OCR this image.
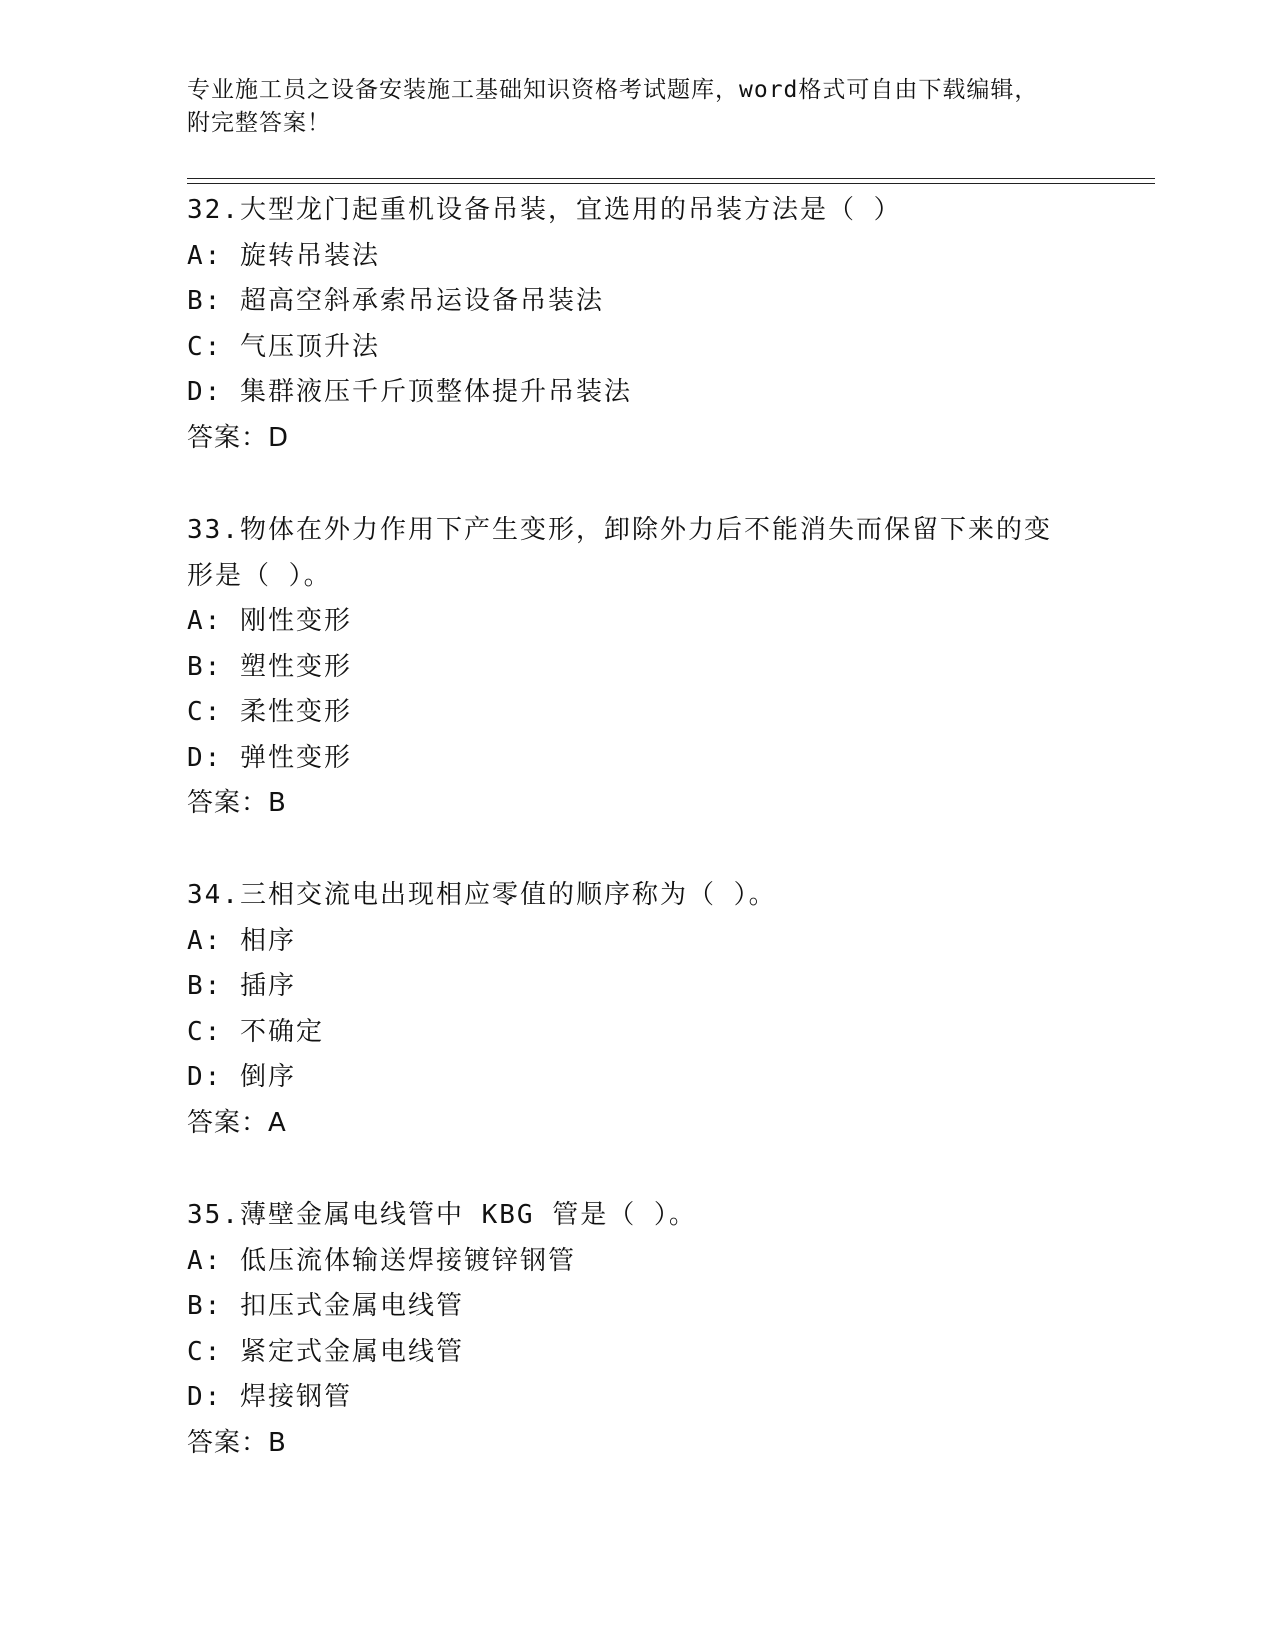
专业施工员之设备安装施工基础知识资格考试题库，word格式可自由下载编辑，
附完整答案！
32.大型龙门起重机设备吊装，宜选用的吊装方法是（ ）
A: 旋转吊装法
B: 超高空斜承索吊运设备吊装法
C: 气压顶升法
D: 集群液压千斤顶整体提升吊装法
答案：D
33.物体在外力作用下产生变形，卸除外力后不能消失而保留下来的变
形是（ ）。
A: 刚性变形
B: 塑性变形
C: 柔性变形
D: 弹性变形
答案：B
34.三相交流电出现相应零值的顺序称为（ ）。
A: 相序
B: 插序
C: 不确定
D: 倒序
答案：A
35.薄壁金属电线管中 KBG 管是（ ）。
A: 低压流体输送焊接镀锌钢管
B: 扣压式金属电线管
C: 紧定式金属电线管
D: 焊接钢管
答案：B
